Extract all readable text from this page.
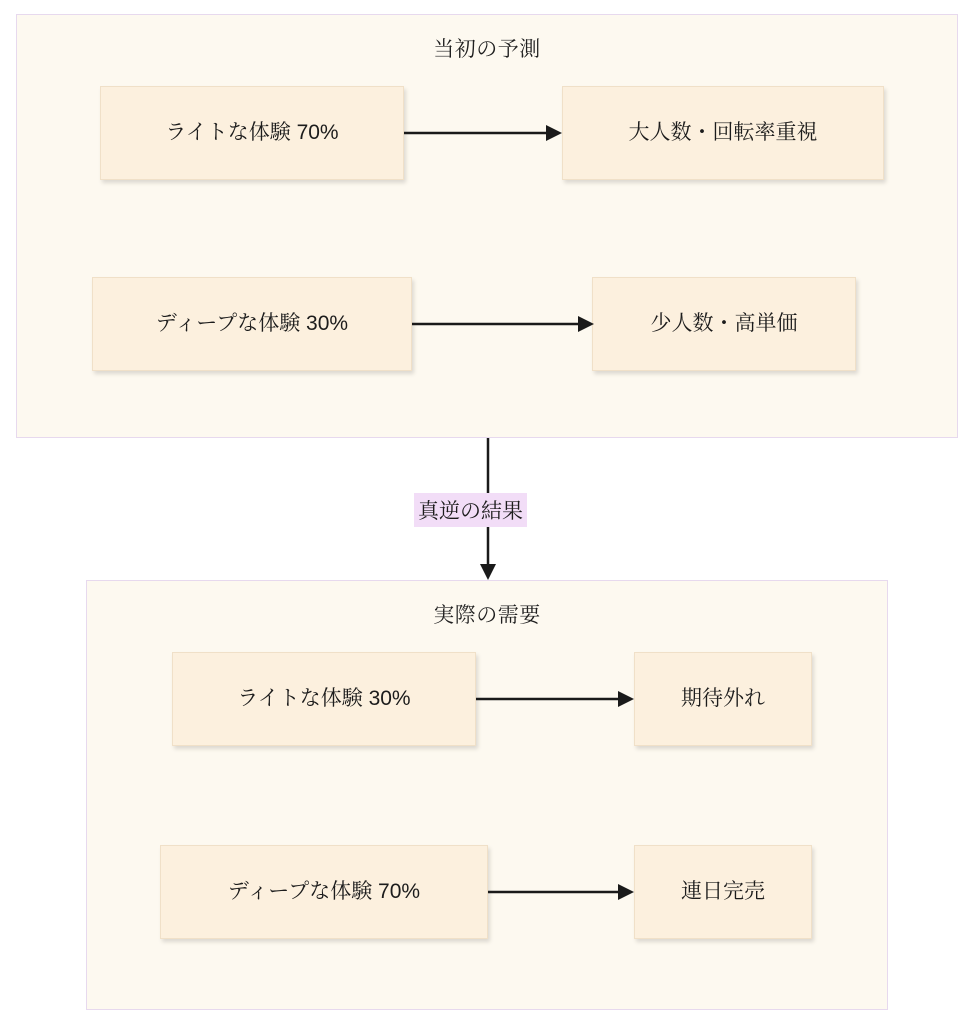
当初の予測
ライトな体験 70%	大人数・回転率重視
ディープな体験 30%	少人数・高単価
真逆の結果
実際の需要
ライトな体験 30%	期待外れ
ディープな体験 70%	連日完売
